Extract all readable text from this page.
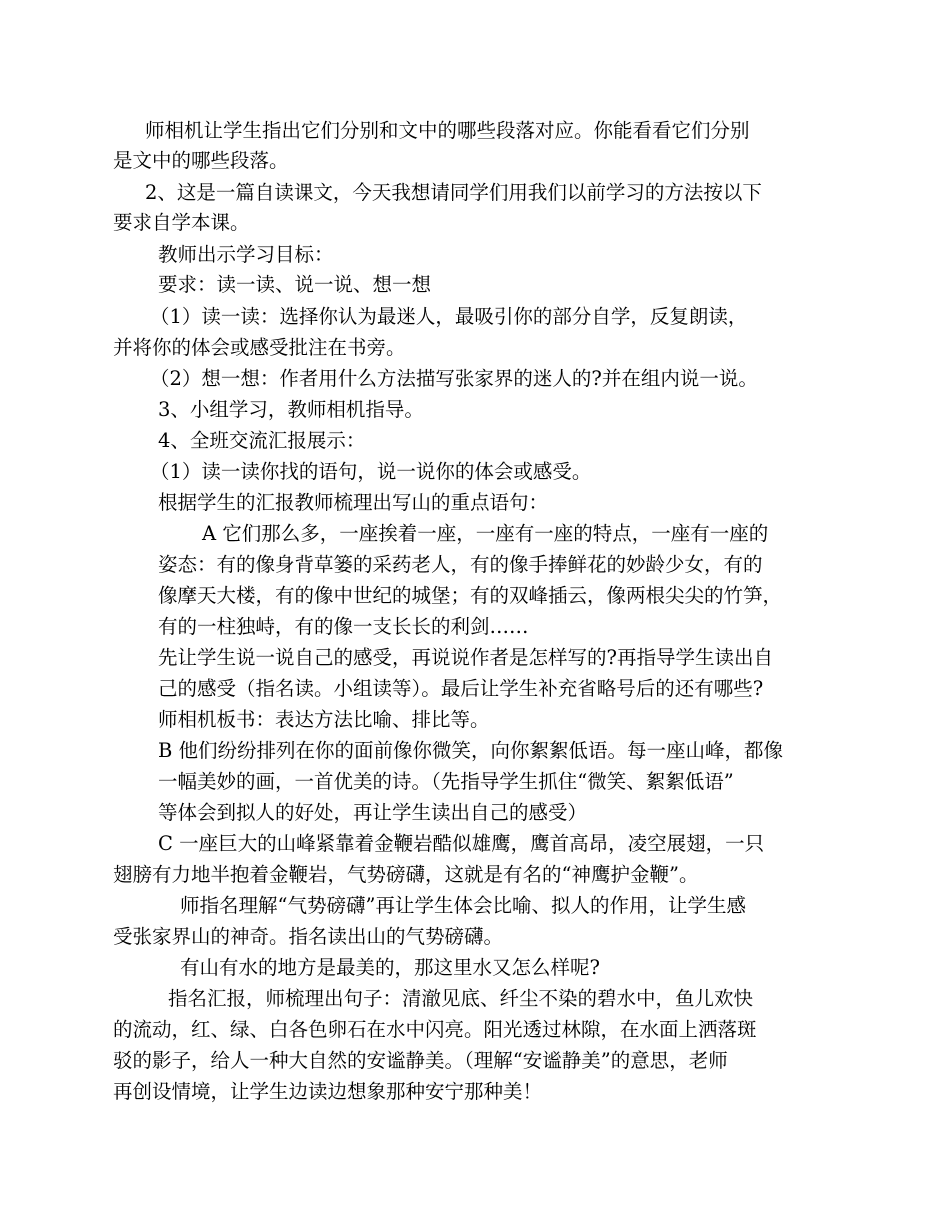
师相机让学生指出它们分别和文中的哪些段落对应。你能看看它们分别
是文中的哪些段落。
2、这是一篇自读课文，今天我想请同学们用我们以前学习的方法按以下
要求自学本课。
教师出示学习目标：
要求：读一读、说一说、想一想
（1）读一读：选择你认为最迷人，最吸引你的部分自学，反复朗读，
并将你的体会或感受批注在书旁。
（2）想一想：作者用什么方法描写张家界的迷人的?并在组内说一说。
3、小组学习，教师相机指导。
4、全班交流汇报展示：
（1）读一读你找的语句，说一说你的体会或感受。
根据学生的汇报教师梳理出写山的重点语句：
A 它们那么多，一座挨着一座，一座有一座的特点，一座有一座的
姿态：有的像身背草篓的采药老人，有的像手捧鲜花的妙龄少女，有的
像摩天大楼，有的像中世纪的城堡；有的双峰插云，像两根尖尖的竹笋，
有的一柱独峙，有的像一支长长的利剑……
先让学生说一说自己的感受，再说说作者是怎样写的?再指导学生读出自
己的感受（指名读。小组读等）。最后让学生补充省略号后的还有哪些?
师相机板书：表达方法比喻、排比等。
B 他们纷纷排列在你的面前像你微笑，向你絮絮低语。每一座山峰，都像
一幅美妙的画，一首优美的诗。（先指导学生抓住“微笑、絮絮低语”
等体会到拟人的好处，再让学生读出自己的感受）
C 一座巨大的山峰紧靠着金鞭岩酷似雄鹰，鹰首高昂，凌空展翅，一只
翅膀有力地半抱着金鞭岩，气势磅礴，这就是有名的“神鹰护金鞭”。
师指名理解“气势磅礴”再让学生体会比喻、拟人的作用，让学生感
受张家界山的神奇。指名读出山的气势磅礴。
有山有水的地方是最美的，那这里水又怎么样呢?
指名汇报，师梳理出句子：清澈见底、纤尘不染的碧水中，鱼儿欢快
的流动，红、绿、白各色卵石在水中闪亮。阳光透过林隙，在水面上洒落斑
驳的影子，给人一种大自然的安谧静美。（理解“安谧静美”的意思，老师
再创设情境，让学生边读边想象那种安宁那种美！
